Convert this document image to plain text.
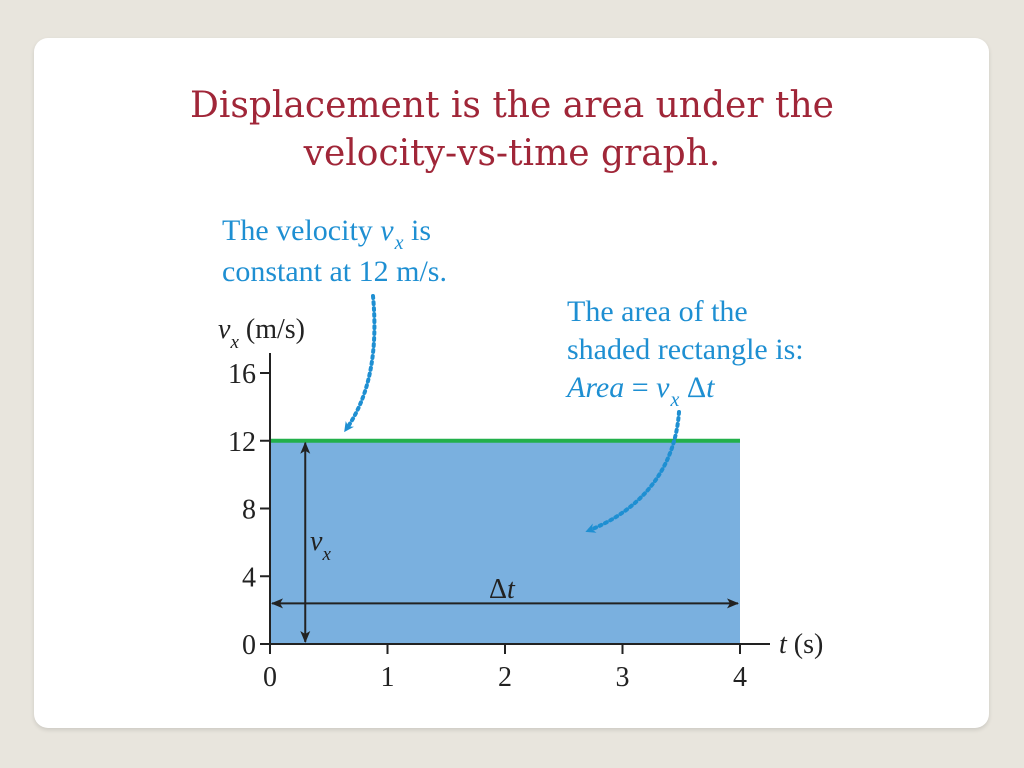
Displacement is the area under the
velocity-vs-time graph.
The velocity $v_x$ is
constant at 12 m/s.
The area of the
shaded rectangle is:
Area = $v_x$ Δt
0
4
8
12
16
0	1	2	3	4
$v_x$ (m/s)
t (s)
$v_x$
Δt
